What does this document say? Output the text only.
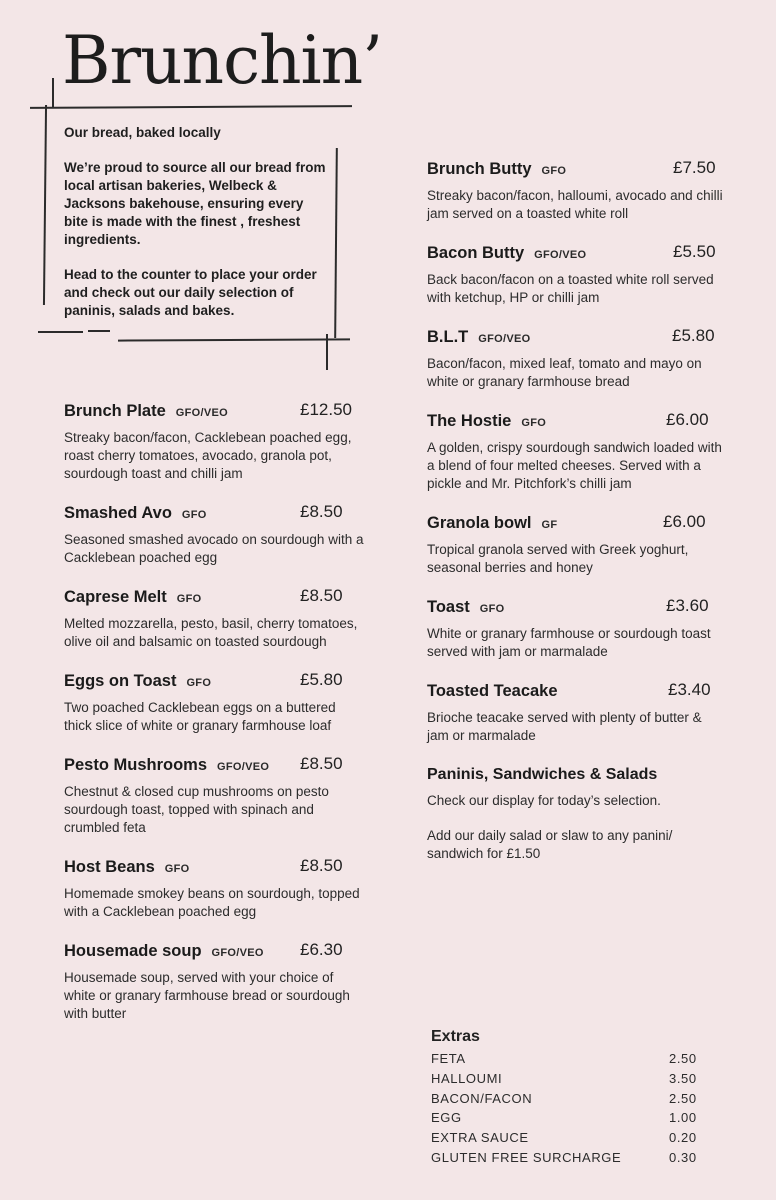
Brunchin’

Our bread, baked locally

We’re proud to source all our bread from local artisan bakeries, Welbeck & Jacksons bakehouse, ensuring every bite is made with the finest , freshest ingredients.

Head to the counter to place your order and check out our daily selection of paninis, salads and bakes.

Brunch Plate GFO/VEO	£12.50
Streaky bacon/facon, Cacklebean poached egg, roast cherry tomatoes, avocado, granola pot, sourdough toast and chilli jam
Smashed Avo GFO	£8.50
Seasoned smashed avocado on sourdough with a Cacklebean poached egg
Caprese Melt GFO	£8.50
Melted mozzarella, pesto, basil, cherry tomatoes, olive oil and balsamic on toasted sourdough
Eggs on Toast GFO	£5.80
Two poached Cacklebean eggs on a buttered thick slice of white or granary farmhouse loaf
Pesto Mushrooms GFO/VEO £8.50
Chestnut & closed cup mushrooms on pesto sourdough toast, topped with spinach and crumbled feta
Host Beans GFO	£8.50
Homemade smokey beans on sourdough, topped with a Cacklebean poached egg
Housemade soup GFO/VEO £6.30
Housemade soup, served with your choice of white or granary farmhouse bread or sourdough with butter
Brunch Butty GFO	£7.50
Streaky bacon/facon, halloumi, avocado and chilli jam served on a toasted white roll
Bacon Butty GFO/VEO	£5.50
Back bacon/facon on a toasted white roll served with ketchup, HP or chilli jam
B.L.T GFO/VEO	£5.80
Bacon/facon, mixed leaf, tomato and mayo on white or granary farmhouse bread
The Hostie GFO	£6.00
A golden, crispy sourdough sandwich loaded with a blend of four melted cheeses. Served with a pickle and Mr. Pitchfork’s chilli jam
Granola bowl GF	£6.00
Tropical granola served with Greek yoghurt, seasonal berries and honey
Toast GFO	£3.60
White or granary farmhouse or sourdough toast served with jam or marmalade
Toasted Teacake	£3.40
Brioche teacake served with plenty of butter & jam or marmalade
Paninis, Sandwiches & Salads

Check our display for today’s selection.

Add our daily salad or slaw to any panini/ sandwich for £1.50

Extras
FETA	2.50
HALLOUMI	3.50
BACON/FACON	2.50
EGG	1.00
EXTRA SAUCE	0.20
GLUTEN FREE SURCHARGE	0.30
